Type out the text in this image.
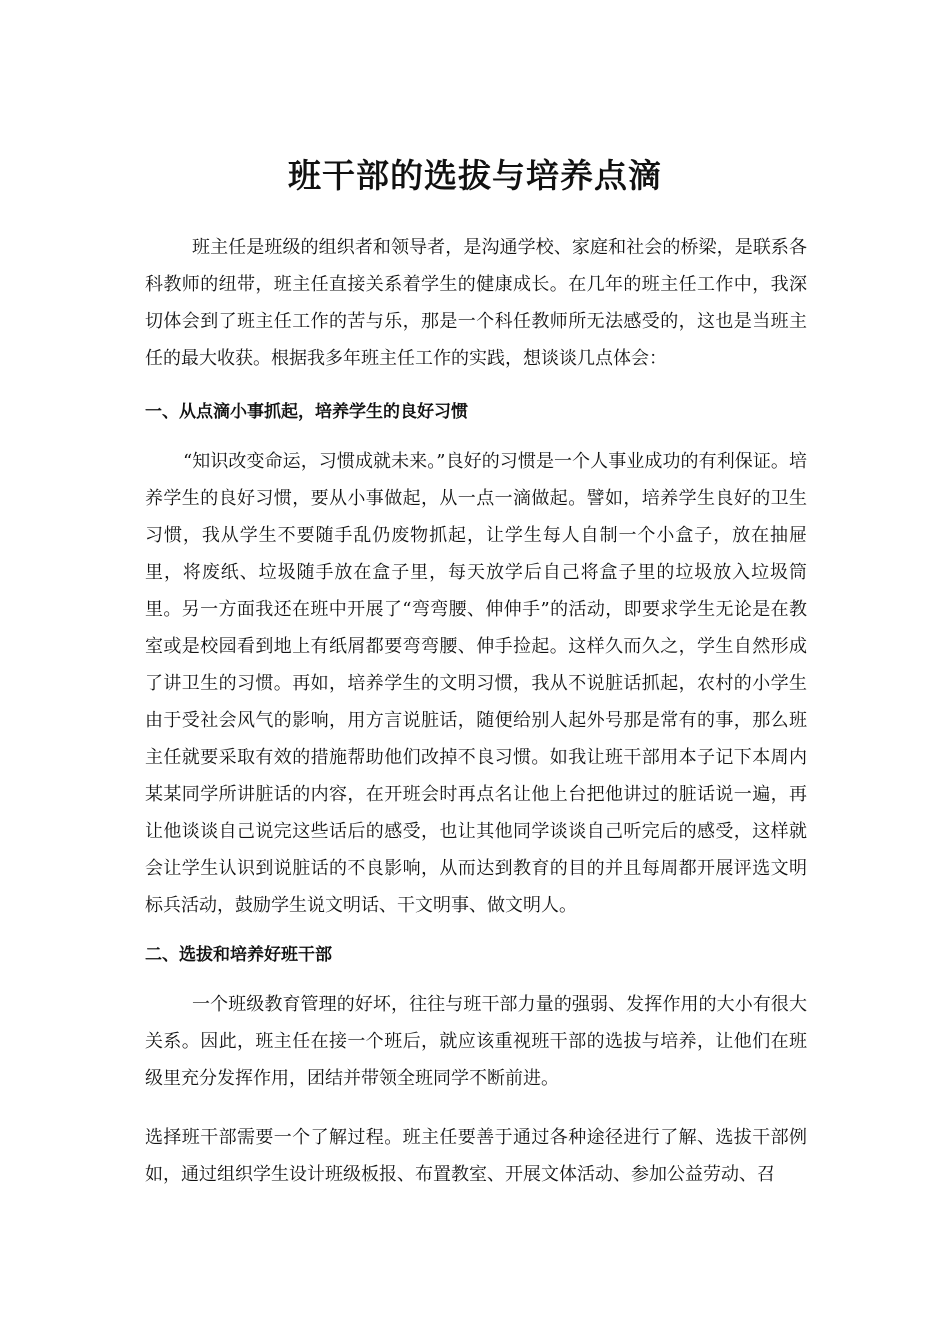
班干部的选拔与培养点滴

班主任是班级的组织者和领导者，是沟通学校、家庭和社会的桥梁，是联系各科教师的纽带，班主任直接关系着学生的健康成长。在几年的班主任工作中，我深切体会到了班主任工作的苦与乐，那是一个科任教师所无法感受的，这也是当班主任的最大收获。根据我多年班主任工作的实践，想谈谈几点体会：

一、从点滴小事抓起，培养学生的良好习惯

“知识改变命运，习惯成就未来。”良好的习惯是一个人事业成功的有利保证。培养学生的良好习惯，要从小事做起，从一点一滴做起。譬如，培养学生良好的卫生习惯，我从学生不要随手乱仍废物抓起，让学生每人自制一个小盒子，放在抽屉里，将废纸、垃圾随手放在盒子里，每天放学后自己将盒子里的垃圾放入垃圾筒里。另一方面我还在班中开展了“弯弯腰、伸伸手”的活动，即要求学生无论是在教室或是校园看到地上有纸屑都要弯弯腰、伸手捡起。这样久而久之，学生自然形成了讲卫生的习惯。再如，培养学生的文明习惯，我从不说脏话抓起，农村的小学生由于受社会风气的影响，用方言说脏话，随便给别人起外号那是常有的事，那么班主任就要采取有效的措施帮助他们改掉不良习惯。如我让班干部用本子记下本周内某某同学所讲脏话的内容，在开班会时再点名让他上台把他讲过的脏话说一遍，再让他谈谈自己说完这些话后的感受，也让其他同学谈谈自己听完后的感受，这样就会让学生认识到说脏话的不良影响，从而达到教育的目的并且每周都开展评选文明标兵活动，鼓励学生说文明话、干文明事、做文明人。

二、选拔和培养好班干部

一个班级教育管理的好坏，往往与班干部力量的强弱、发挥作用的大小有很大关系。因此，班主任在接一个班后，就应该重视班干部的选拔与培养，让他们在班级里充分发挥作用，团结并带领全班同学不断前进。

选择班干部需要一个了解过程。班主任要善于通过各种途径进行了解、选拔干部例如，通过组织学生设计班级板报、布置教室、开展文体活动、参加公益劳动、召
